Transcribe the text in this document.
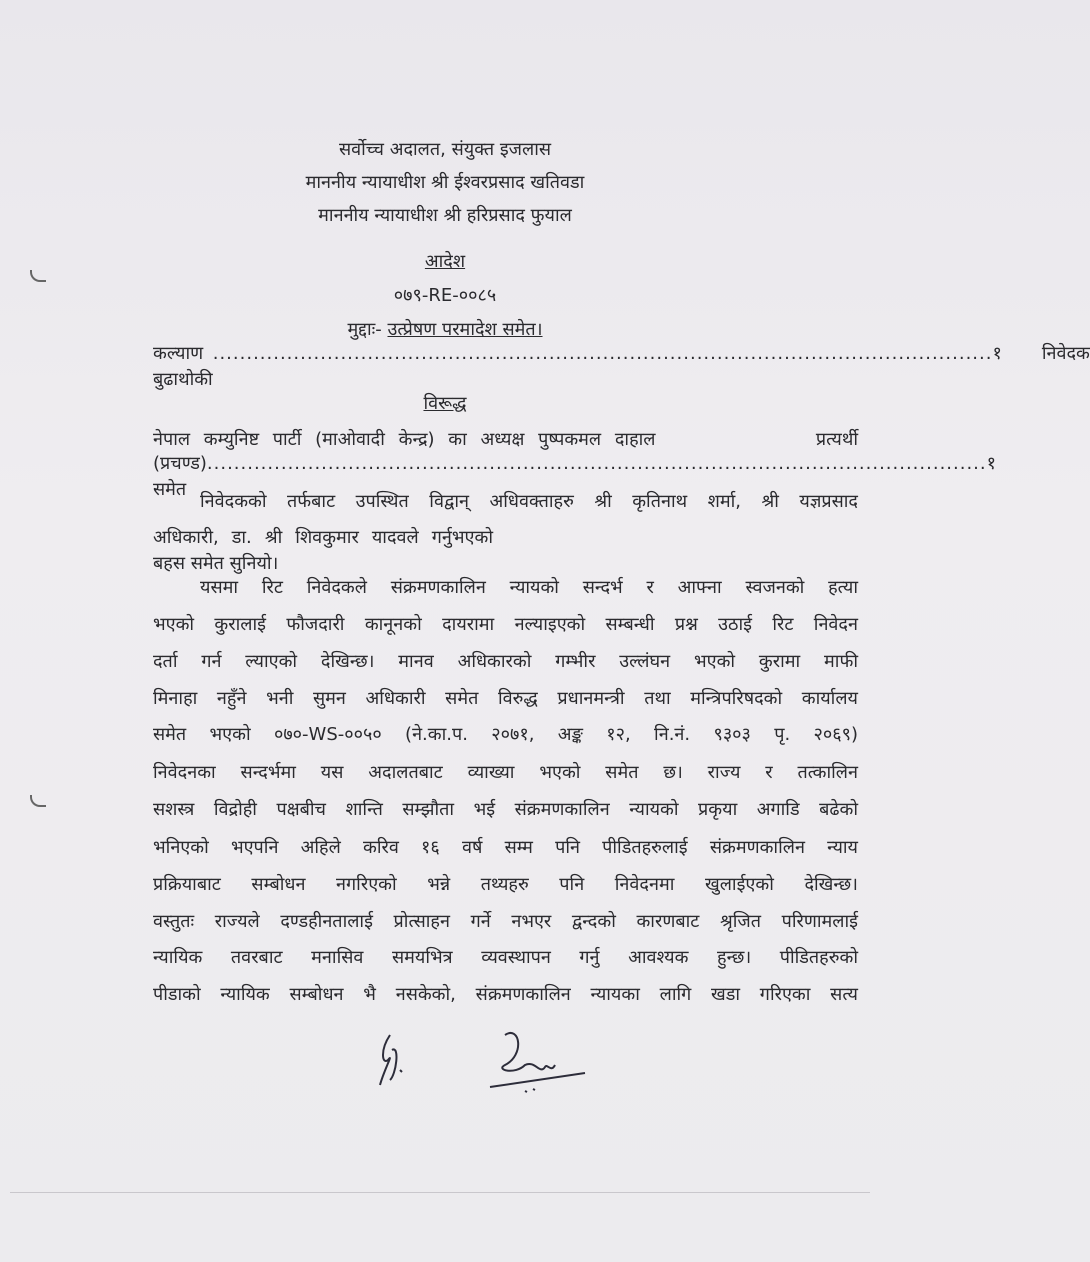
सर्वोच्च अदालत, संयुक्त इजलास
माननीय न्यायाधीश श्री ईश्वरप्रसाद खतिवडा
माननीय न्यायाधीश श्री हरिप्रसाद फुयाल
आदेश
०७९-RE-००८५
मुद्दाः- उत्प्रेषण परमादेश समेत।
कल्याण बुढाथोकी
.................................................................................................................... १ निवेदक
विरूद्ध
नेपाल कम्युनिष्ट पार्टी (माओवादी केन्द्र) का अध्यक्ष पुष्पकमल दाहाल	प्रत्यर्थी
(प्रचण्ड) समेत
.................................................................................................................... १
निवेदकको तर्फबाट उपस्थित विद्वान् अधिवक्ताहरु श्री कृतिनाथ शर्मा, श्री यज्ञप्रसाद
अधिकारी, डा. श्री शिवकुमार यादवले गर्नुभएको बहस समेत सुनियो।
यसमा रिट निवेदकले संक्रमणकालिन न्यायको सन्दर्भ र आफ्ना स्वजनको हत्या
भएको कुरालाई फौजदारी कानूनको दायरामा नल्याइएको सम्बन्धी प्रश्न उठाई रिट निवेदन
दर्ता गर्न ल्याएको देखिन्छ। मानव अधिकारको गम्भीर उल्लंघन भएको कुरामा माफी
मिनाहा नहुँने भनी सुमन अधिकारी समेत विरुद्ध प्रधानमन्त्री तथा मन्त्रिपरिषदको कार्यालय
समेत भएको ०७०-WS-००५० (ने.का.प. २०७१, अङ्क १२, नि.नं. ९३०३ पृ. २०६९)
निवेदनका सन्दर्भमा यस अदालतबाट व्याख्या भएको समेत छ। राज्य र तत्कालिन
सशस्त्र विद्रोही पक्षबीच शान्ति सम्झौता भई संक्रमणकालिन न्यायको प्रकृया अगाडि बढेको
भनिएको भएपनि अहिले करिव १६ वर्ष सम्म पनि पीडितहरुलाई संक्रमणकालिन न्याय
प्रक्रियाबाट सम्बोधन नगरिएको भन्ने तथ्यहरु पनि निवेदनमा खुलाईएको देखिन्छ।
वस्तुतः राज्यले दण्डहीनतालाई प्रोत्साहन गर्ने नभएर द्वन्दको कारणबाट श्रृजित परिणामलाई
न्यायिक तवरबाट मनासिव समयभित्र व्यवस्थापन गर्नु आवश्यक हुन्छ। पीडितहरुको
पीडाको न्यायिक सम्बोधन भै नसकेको, संक्रमणकालिन न्यायका लागि खडा गरिएका सत्य
